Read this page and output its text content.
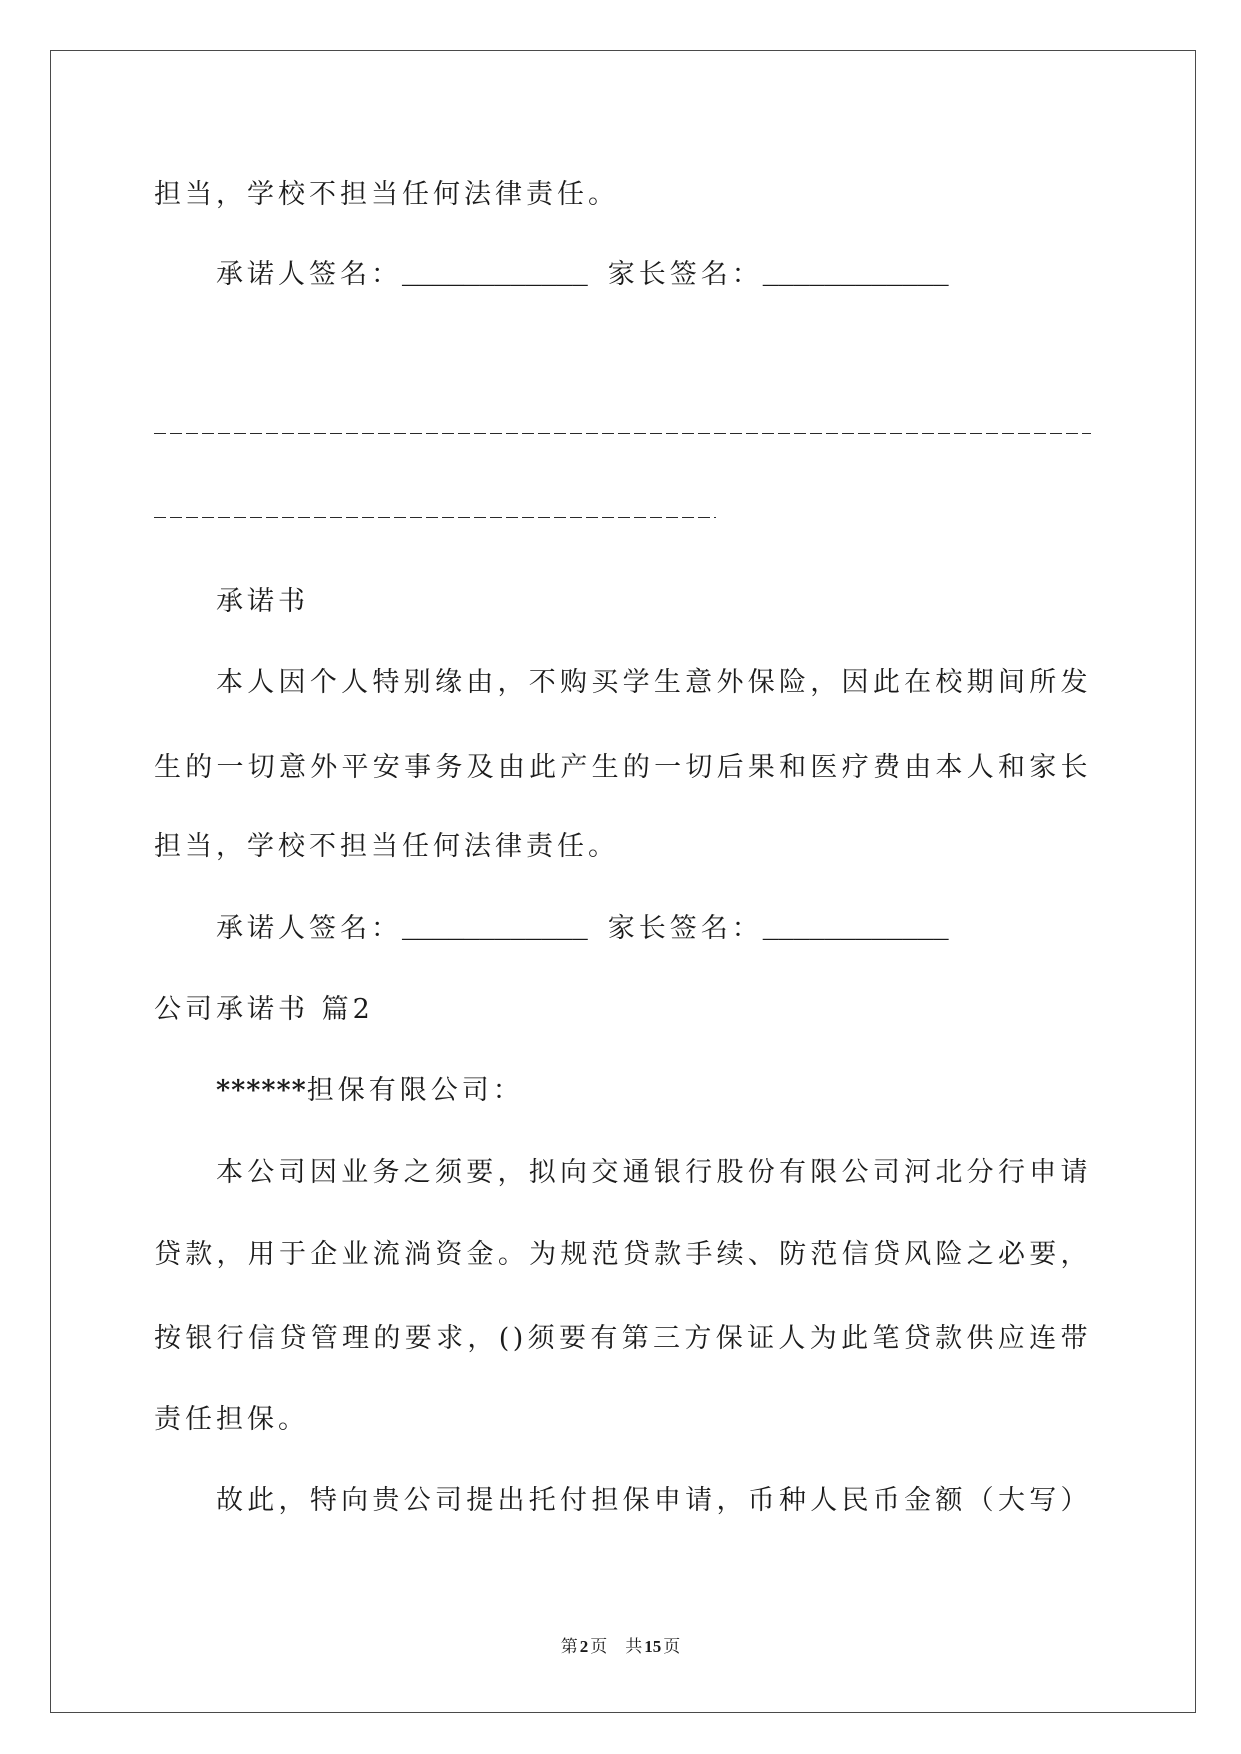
担当，学校不担当任何法律责任。
承诺人签名：____________ 家长签名：____________
承诺书
本人因个人特别缘由，不购买学生意外保险，因此在校期间所发
生的一切意外平安事务及由此产生的一切后果和医疗费由本人和家长
担当，学校不担当任何法律责任。
承诺人签名：____________ 家长签名：____________
公司承诺书 篇2
******担保有限公司：
本公司因业务之须要，拟向交通银行股份有限公司河北分行申请
贷款，用于企业流淌资金。为规范贷款手续、防范信贷风险之必要，
按银行信贷管理的要求，()须要有第三方保证人为此笔贷款供应连带
责任担保。
故此，特向贵公司提出托付担保申请，币种人民币金额（大写）
第 2 页 共 15 页
